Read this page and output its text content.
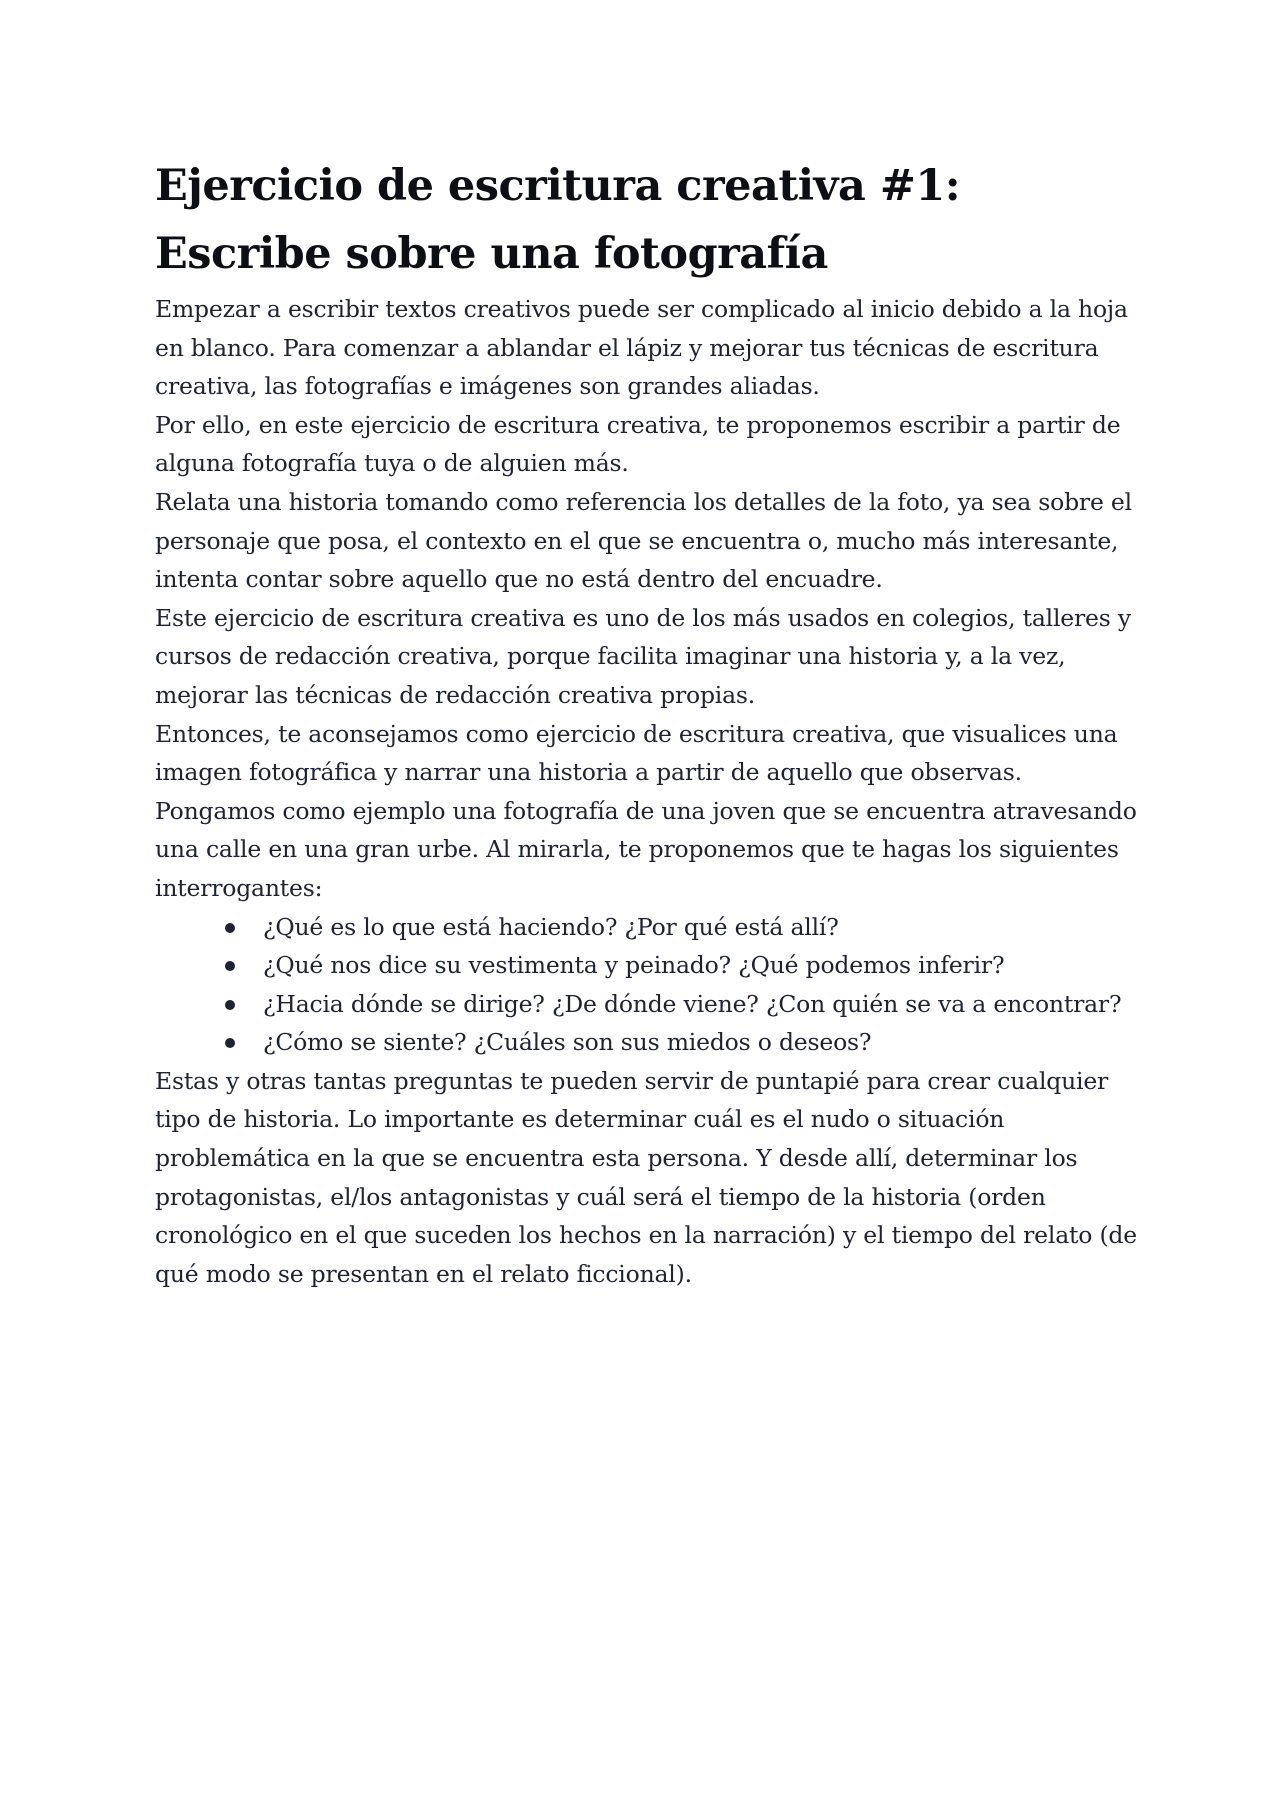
Ejercicio de escritura creativa #1: Escribe sobre una fotografía

Empezar a escribir textos creativos puede ser complicado al inicio debido a la hoja en blanco. Para comenzar a ablandar el lápiz y mejorar tus técnicas de escritura creativa, las fotografías e imágenes son grandes aliadas.

Por ello, en este ejercicio de escritura creativa, te proponemos escribir a partir de alguna fotografía tuya o de alguien más.

Relata una historia tomando como referencia los detalles de la foto, ya sea sobre el personaje que posa, el contexto en el que se encuentra o, mucho más interesante, intenta contar sobre aquello que no está dentro del encuadre.

Este ejercicio de escritura creativa es uno de los más usados en colegios, talleres y cursos de redacción creativa, porque facilita imaginar una historia y, a la vez, mejorar las técnicas de redacción creativa propias.

Entonces, te aconsejamos como ejercicio de escritura creativa, que visualices una imagen fotográfica y narrar una historia a partir de aquello que observas. Pongamos como ejemplo una fotografía de una joven que se encuentra atravesando una calle en una gran urbe. Al mirarla, te proponemos que te hagas los siguientes interrogantes:

¿Qué es lo que está haciendo? ¿Por qué está allí?
¿Qué nos dice su vestimenta y peinado? ¿Qué podemos inferir?
¿Hacia dónde se dirige? ¿De dónde viene? ¿Con quién se va a encontrar?
¿Cómo se siente? ¿Cuáles son sus miedos o deseos?

Estas y otras tantas preguntas te pueden servir de puntapié para crear cualquier tipo de historia. Lo importante es determinar cuál es el nudo o situación problemática en la que se encuentra esta persona. Y desde allí, determinar los protagonistas, el/los antagonistas y cuál será el tiempo de la historia (orden cronológico en el que suceden los hechos en la narración) y el tiempo del relato (de qué modo se presentan en el relato ficcional).
